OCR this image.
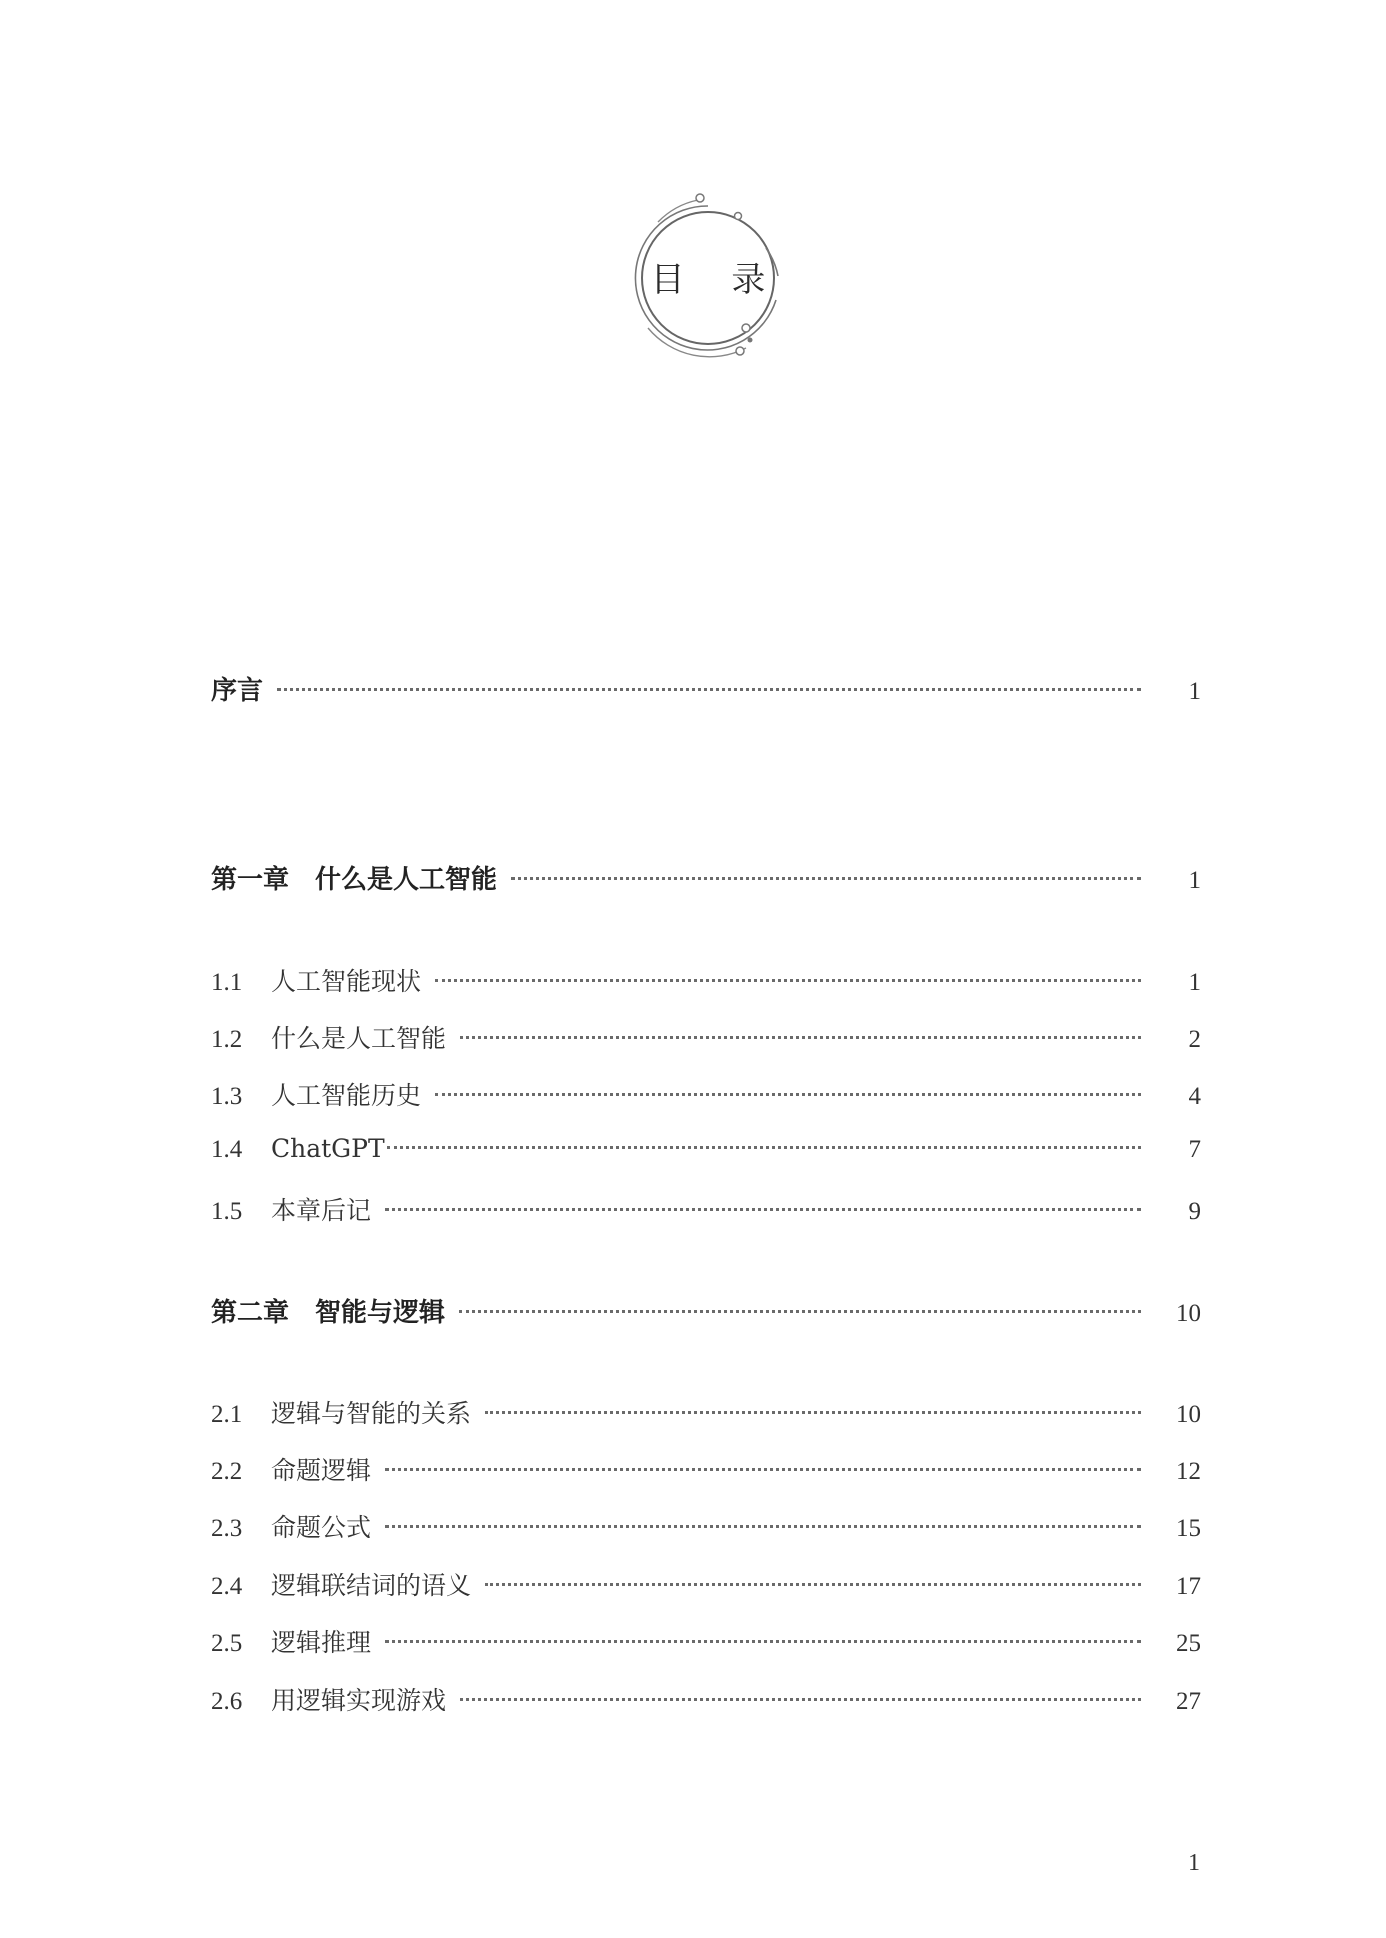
目 录
序言	1
第一章 什么是人工智能	1
1.1 人工智能现状	1
1.2 什么是人工智能	2
1.3 人工智能历史	4
1.4 ChatGPT	7
1.5 本章后记	9
第二章 智能与逻辑	10
2.1 逻辑与智能的关系	10
2.2 命题逻辑	12
2.3 命题公式	15
2.4 逻辑联结词的语义	17
2.5 逻辑推理	25
2.6 用逻辑实现游戏	27
1
